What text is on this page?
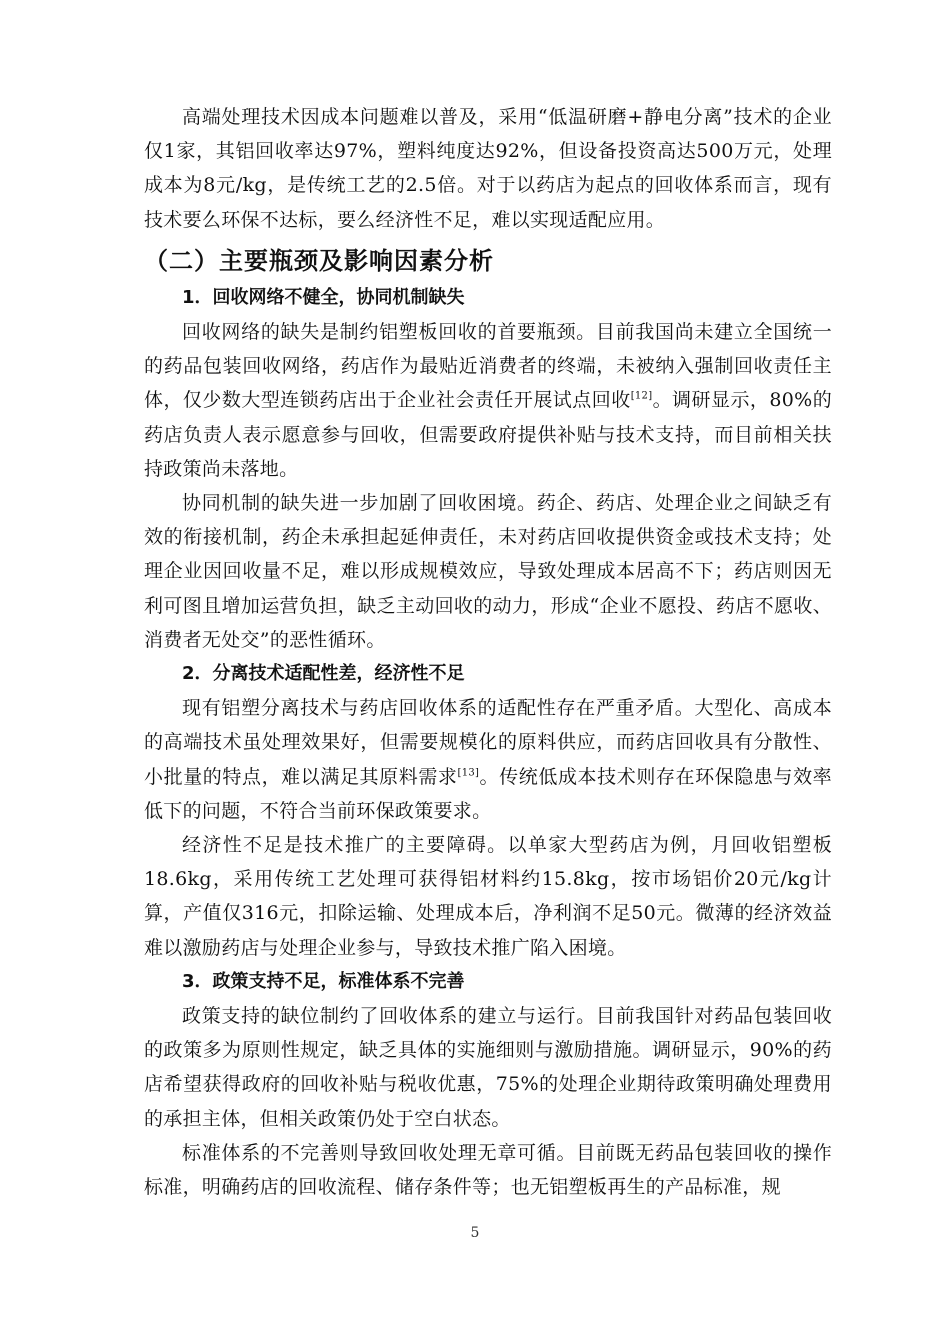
高端处理技术因成本问题难以普及，采用“低温研磨+静电分离”技术的企业仅1家，其铝回收率达97%，塑料纯度达92%，但设备投资高达500万元，处理成本为8元/kg，是传统工艺的2.5倍。对于以药店为起点的回收体系而言，现有技术要么环保不达标，要么经济性不足，难以实现适配应用。

（二）主要瓶颈及影响因素分析
1．回收网络不健全，协同机制缺失

回收网络的缺失是制约铝塑板回收的首要瓶颈。目前我国尚未建立全国统一的药品包装回收网络，药店作为最贴近消费者的终端，未被纳入强制回收责任主体，仅少数大型连锁药店出于企业社会责任开展试点回收[12]。调研显示，80%的药店负责人表示愿意参与回收，但需要政府提供补贴与技术支持，而目前相关扶持政策尚未落地。

协同机制的缺失进一步加剧了回收困境。药企、药店、处理企业之间缺乏有效的衔接机制，药企未承担起延伸责任，未对药店回收提供资金或技术支持；处理企业因回收量不足，难以形成规模效应，导致处理成本居高不下；药店则因无利可图且增加运营负担，缺乏主动回收的动力，形成“企业不愿投、药店不愿收、消费者无处交”的恶性循环。

2．分离技术适配性差，经济性不足

现有铝塑分离技术与药店回收体系的适配性存在严重矛盾。大型化、高成本的高端技术虽处理效果好，但需要规模化的原料供应，而药店回收具有分散性、小批量的特点，难以满足其原料需求[13]。传统低成本技术则存在环保隐患与效率低下的问题，不符合当前环保政策要求。

经济性不足是技术推广的主要障碍。以单家大型药店为例，月回收铝塑板18.6kg，采用传统工艺处理可获得铝材料约15.8kg，按市场铝价20元/kg计算，产值仅316元，扣除运输、处理成本后，净利润不足50元。微薄的经济效益难以激励药店与处理企业参与，导致技术推广陷入困境。

3．政策支持不足，标准体系不完善

政策支持的缺位制约了回收体系的建立与运行。目前我国针对药品包装回收的政策多为原则性规定，缺乏具体的实施细则与激励措施。调研显示，90%的药店希望获得政府的回收补贴与税收优惠，75%的处理企业期待政策明确处理费用的承担主体，但相关政策仍处于空白状态。

标准体系的不完善则导致回收处理无章可循。目前既无药品包装回收的操作标准，明确药店的回收流程、储存条件等；也无铝塑板再生的产品标准，规

5
